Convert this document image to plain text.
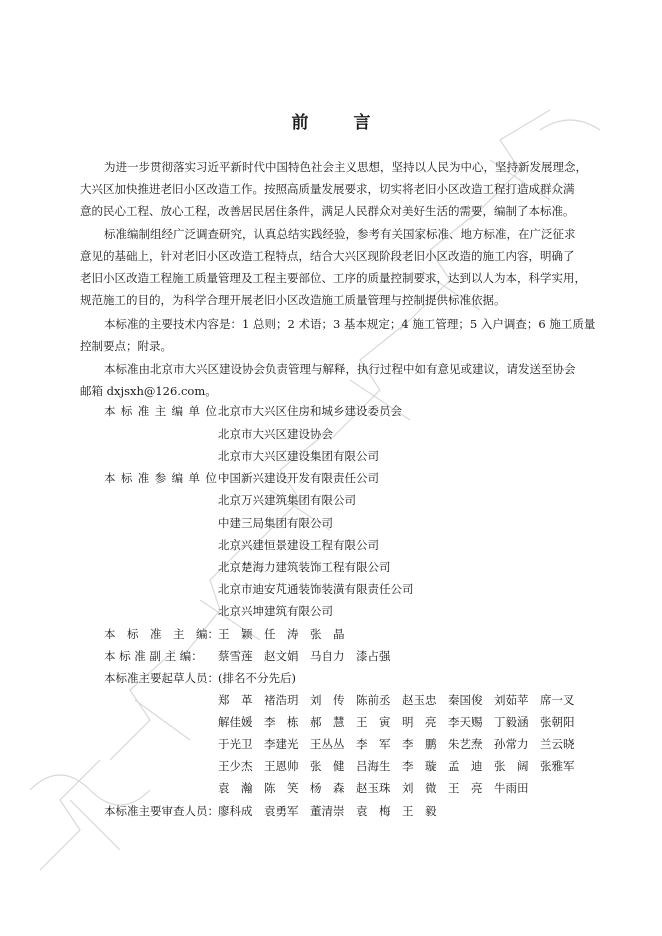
前　言
为进一步贯彻落实习近平新时代中国特色社会主义思想，坚持以人民为中心，坚持新发展理念，
大兴区加快推进老旧小区改造工作。按照高质量发展要求，切实将老旧小区改造工程打造成群众满
意的民心工程、放心工程，改善居民居住条件，满足人民群众对美好生活的需要，编制了本标准。
标准编制组经广泛调查研究，认真总结实践经验，参考有关国家标准、地方标准，在广泛征求
意见的基础上，针对老旧小区改造工程特点，结合大兴区现阶段老旧小区改造的施工内容，明确了
老旧小区改造工程施工质量管理及工程主要部位、工序的质量控制要求，达到以人为本，科学实用，
规范施工的目的，为科学合理开展老旧小区改造施工质量管理与控制提供标准依据。
本标准的主要技术内容是：1 总则；2 术语；3 基本规定；4 施工管理；5 入户调查；6 施工质量
控制要点；附录。
本标准由北京市大兴区建设协会负责管理与解释，执行过程中如有意见或建议，请发送至协会
邮箱 dxjsxh@126.com。
本标准主编单位：
北京市大兴区住房和城乡建设委员会
北京市大兴区建设协会
北京市大兴区建设集团有限公司
本标准参编单位：
中国新兴建设开发有限责任公司
北京万兴建筑集团有限公司
中建三局集团有限公司
北京兴建恒景建设工程有限公司
北京楚海力建筑装饰工程有限公司
北京市迪安芃通装饰装潢有限责任公司
北京兴坤建筑有限公司
本　标　准　主　编： 王　颖 任　涛 张　晶
本 标 准 副 主 编： 蔡雪莲 赵文娟 马自力 漆占强
本标准主要起草人员： (排名不分先后)
郑　革 褚浩玥 刘　传 陈前丞 赵玉忠 秦国俊 刘茹苹 席一叉
解佳媛 李　栋 郝　慧 王　寅 明　亮 李天赐 丁毅涵 张朝阳
于光卫 李建光 王丛丛 李　军 李　鹏 朱艺焘 孙常力 兰云晓
王少杰 王恩帅 张　健 吕海生 李　璇 孟　迪 张　阔 张雅军
袁　瀚 陈　笑 杨　森 赵玉珠 刘　微 王　亮 牛雨田
本标准主要审查人员： 廖科成 袁勇军 董清崇 袁　梅 王　毅
